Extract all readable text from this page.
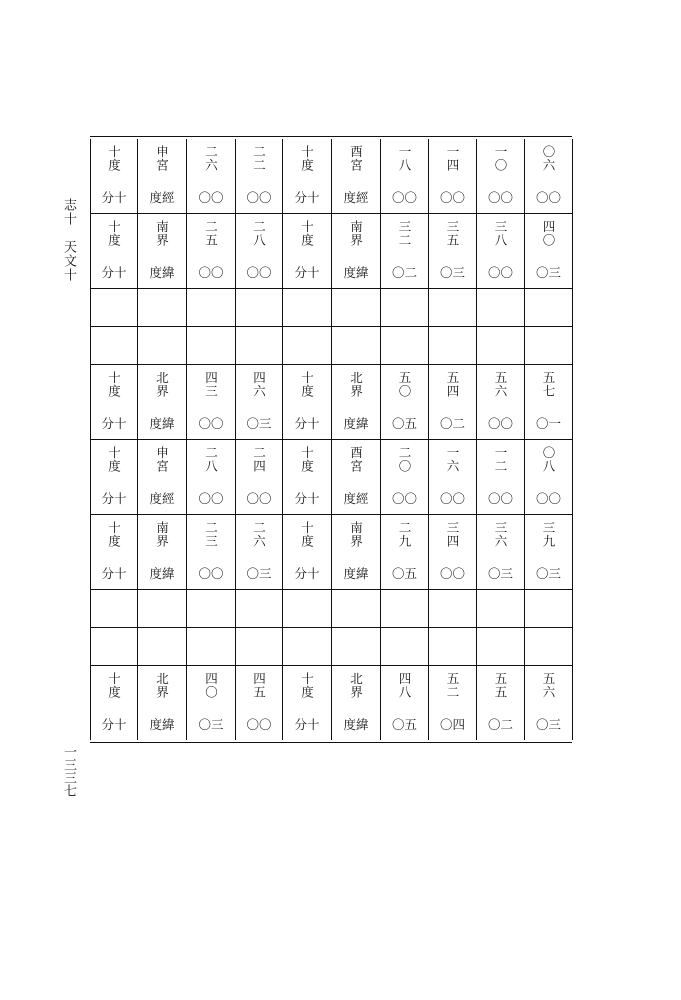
志十　天文十
一三三七
十度	申宮	二六	二二	十度	酉宮	一八	一四	一〇	〇六
分十	度經	〇〇	〇〇	分十	度經	〇〇	〇〇	〇〇	〇〇
十度	南界	二五	二八	十度	南界	三二	三五	三八	四〇
分十	度緯	〇〇	〇〇	分十	度緯	〇二	〇三	〇〇	〇三

十度	北界	四三	四六	十度	北界	五〇	五四	五六	五七
分十	度緯	〇〇	〇三	分十	度緯	〇五	〇二	〇〇	〇一
十度	申宮	二八	二四	十度	酉宮	二〇	一六	一二	〇八
分十	度經	〇〇	〇〇	分十	度經	〇〇	〇〇	〇〇	〇〇
十度	南界	二三	二六	十度	南界	二九	三四	三六	三九
分十	度緯	〇〇	〇三	分十	度緯	〇五	〇〇	〇三	〇三

十度	北界	四〇	四五	十度	北界	四八	五二	五五	五六
分十	度緯	〇三	〇〇	分十	度緯	〇五	〇四	〇二	〇三
